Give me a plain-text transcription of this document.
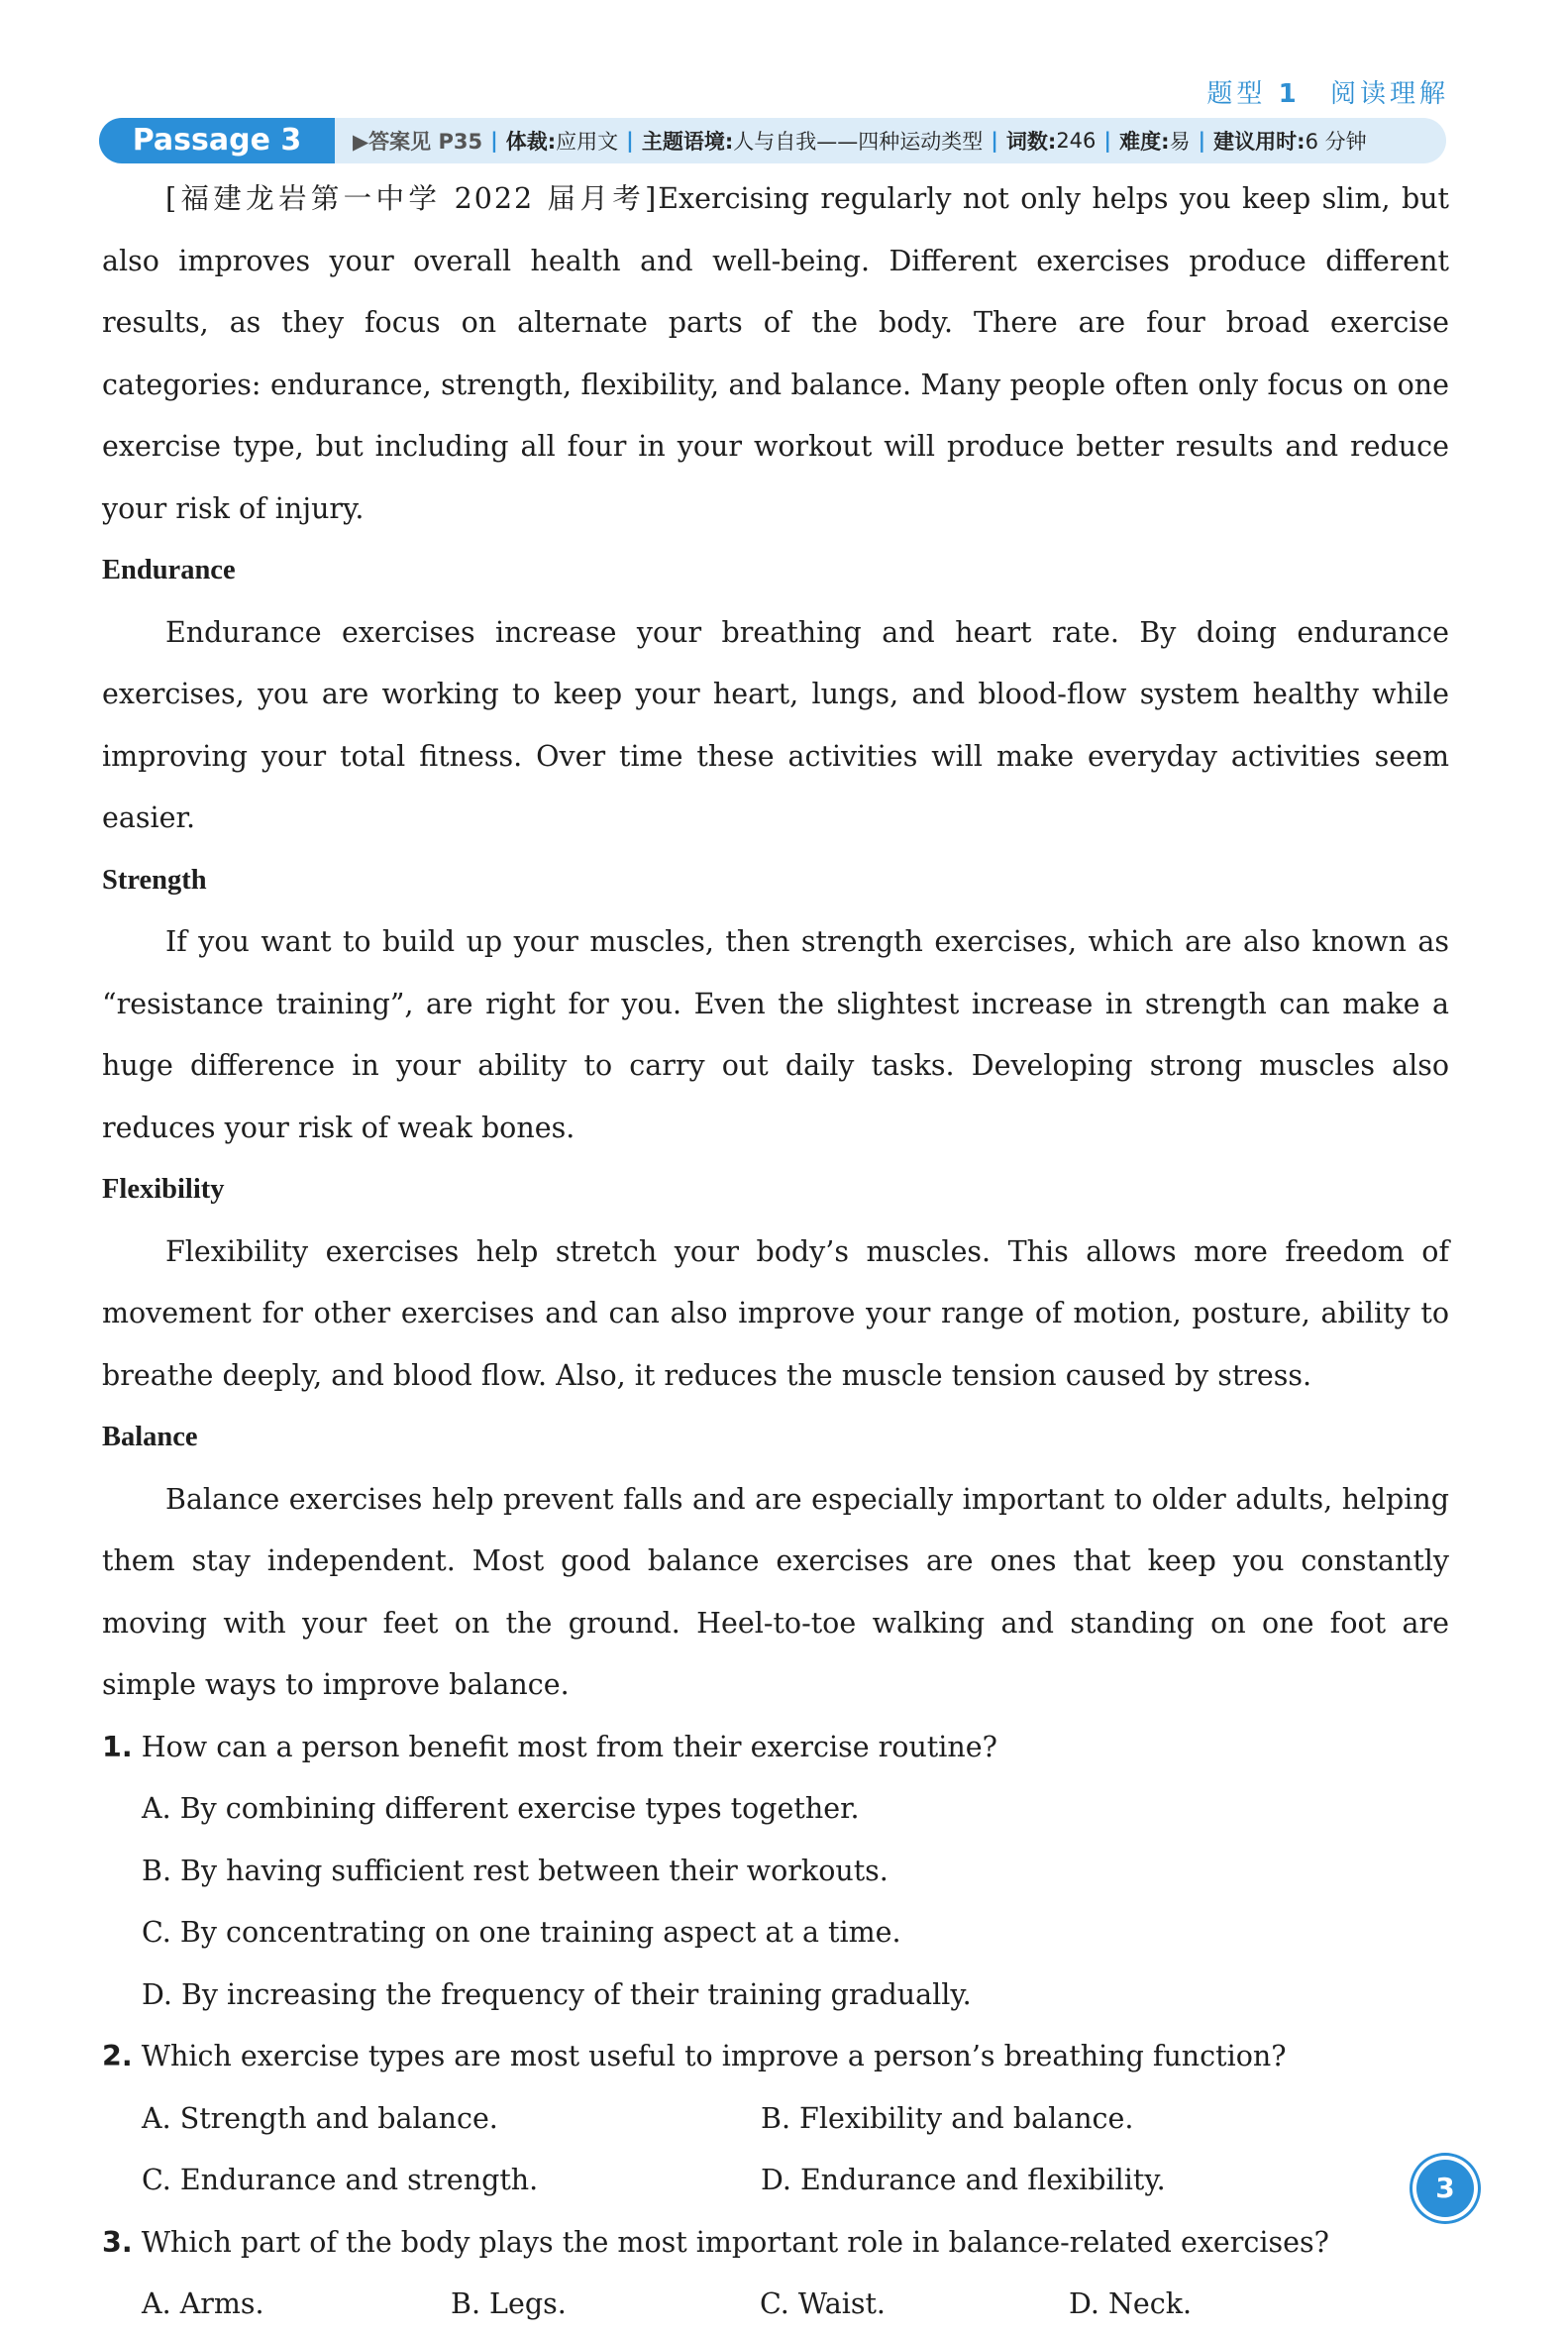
题型 1 阅读理解
Passage 3	▶答案见 P35 | 体裁: 应用文 | 主题语境: 人与自我——四种运动类型 | 词数: 246 | 难度: 易 | 建议用时: 6 分钟

[福建龙岩第一中学 2022 届月考]Exercising regularly not only helps you keep slim, but also improves your overall health and well-being. Different exercises produce different results, as they focus on alternate parts of the body. There are four broad exercise categories: endurance, strength, flexibility, and balance. Many people often only focus on one exercise type, but including all four in your workout will produce better results and reduce your risk of injury.

Endurance

Endurance exercises increase your breathing and heart rate. By doing endurance exercises, you are working to keep your heart, lungs, and blood-flow system healthy while improving your total fitness. Over time these activities will make everyday activities seem easier.

Strength

If you want to build up your muscles, then strength exercises, which are also known as “resistance training”, are right for you. Even the slightest increase in strength can make a huge difference in your ability to carry out daily tasks. Developing strong muscles also reduces your risk of weak bones.

Flexibility

Flexibility exercises help stretch your body’s muscles. This allows more freedom of movement for other exercises and can also improve your range of motion, posture, ability to breathe deeply, and blood flow. Also, it reduces the muscle tension caused by stress.

Balance

Balance exercises help prevent falls and are especially important to older adults, helping them stay independent. Most good balance exercises are ones that keep you constantly moving with your feet on the ground. Heel-to-toe walking and standing on one foot are simple ways to improve balance.

1. How can a person benefit most from their exercise routine?

A. By combining different exercise types together.

B. By having sufficient rest between their workouts.

C. By concentrating on one training aspect at a time.

D. By increasing the frequency of their training gradually.

2. Which exercise types are most useful to improve a person’s breathing function?

A. Strength and balance.	B. Flexibility and balance.
C. Endurance and strength.	D. Endurance and flexibility.

3. Which part of the body plays the most important role in balance-related exercises?

A. Arms.	B. Legs.	C. Waist.	D. Neck.
3
